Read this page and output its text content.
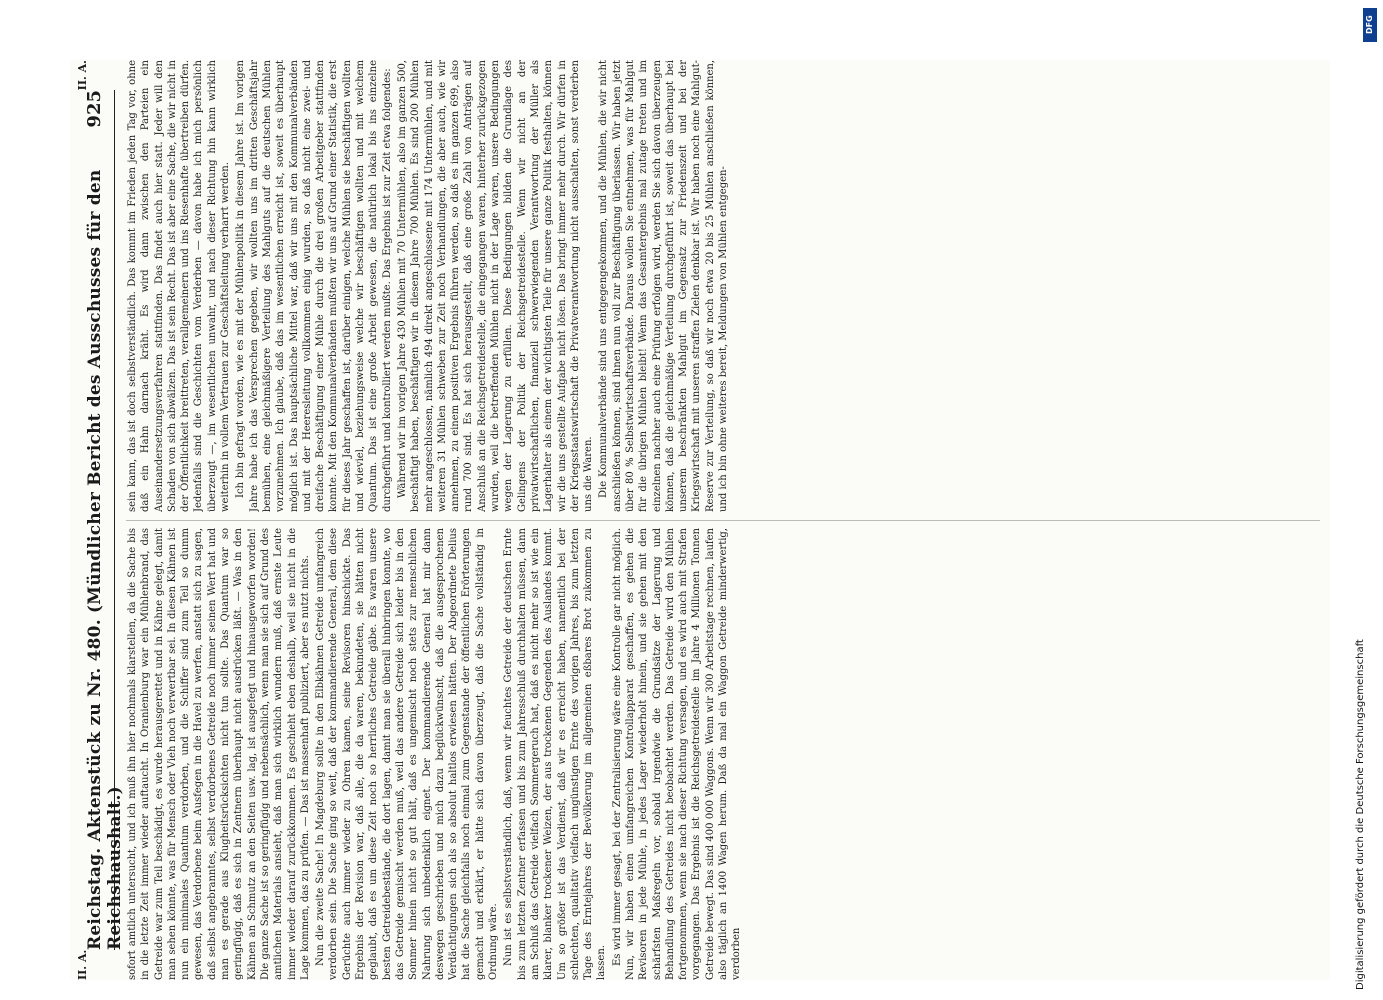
II. A.
II. A.
Reichstag. Aktenstück zu Nr. 480. (Mündlicher Bericht des Ausschusses für den Reichshaushalt.)
925

sofort amtlich untersucht, und ich muß ihn hier nochmals klarstellen, da die Sache bis in die letzte Zeit immer wieder auftaucht. In Oranienburg war ein Mühlenbrand, das Getreide war zum Teil beschädigt, es wurde herausgerettet und in Kähne gelegt, damit man sehen könnte, was für Mensch oder Vieh noch verwertbar sei. In diesen Kähnen ist nun ein minimales Quantum verdorben, und die Schiffer sind zum Teil so dumm gewesen, das Verdorbene beim Ausfegen in die Havel zu werfen, anstatt sich zu sagen, daß selbst angebranntes, selbst verdorbenes Getreide noch immer seinen Wert hat und man es gerade aus Klugheitsrücksichten nicht tun sollte. Das Quantum war so geringfügig, daß es sich in Zentnern überhaupt nicht ausdrücken läßt. — Was in den Kähnen an Schmutz an den Seiten usw. lag, ist ausgefegt und hinausgeworfen worden! Die ganze Sache ist so geringfügig und nebensächlich, wenn man sie sich auf Grund des amtlichen Materials ansieht, daß man sich wirklich wundern muß, daß ernste Leute immer wieder darauf zurückkommen. Es geschieht eben deshalb, weil sie nicht in die Lage kommen, das zu prüfen. — Das ist massenhaft publiziert, aber es nutzt nichts. Nun die zweite Sache! In Magdeburg sollte in den Elbkähnen Getreide umfangreich verdorben sein. Die Sache ging so weit, daß der kommandierende General, dem diese Gerüchte auch immer wieder zu Ohren kamen, seine Revisoren hinschickte. Das Ergebnis der Revision war, daß alle, die da waren, bekundeten, sie hätten nicht geglaubt, daß es um diese Zeit noch so herrliches Getreide gäbe. Es waren unsere besten Getreidebestände, die dort lagen, damit man sie überall hinbringen konnte, wo das Getreide gemischt werden muß, weil das andere Getreide sich leider bis in den Sommer hinein nicht so gut hält, daß es ungemischt noch stets zur menschlichen Nahrung sich unbedenklich eignet. Der kommandierende General hat mir dann deswegen geschrieben und mich dazu beglückwünscht, daß die ausgesprochenen Verdächtigungen sich als so absolut haltlos erwiesen hätten. Der Abgeordnete Delius hat die Sache gleichfalls noch einmal zum Gegenstande der öffentlichen Erörterungen gemacht und erklärt, er hätte sich davon überzeugt, daß die Sache vollständig in Ordnung wäre. Nun ist es selbstverständlich, daß, wenn wir feuchtes Getreide der deutschen Ernte bis zum letzten Zentner erfassen und bis zum Jahresschluß durchhalten müssen, dann am Schluß das Getreide vielfach Sommergeruch hat, daß es nicht mehr so ist wie ein klarer, blanker trockener Weizen, der aus trockenen Gegenden des Auslandes kommt. Um so größer ist das Verdienst, daß wir es erreicht haben, namentlich bei der schlechten, qualitativ vielfach ungünstigen Ernte des vorigen Jahres, bis zum letzten Tage des Erntejahres der Bevölkerung im allgemeinen eßbares Brot zukommen zu lassen. Es wird immer gesagt, bei der Zentralisierung wäre eine Kontrolle gar nicht möglich. Nun, wir haben einen umfangreichen Kontrollapparat geschaffen, es gehen die Revisoren in jede Mühle, in jedes Lager wiederholt hinein, und sie gehen mit den schärfsten Maßregeln vor, sobald irgendwie die Grundsätze der Lagerung und Behandlung des Getreides nicht beobachtet werden. Das Getreide wird den Mühlen fortgenommen, wenn sie nach dieser Richtung versagen, und es wird auch mit Strafen vorgegangen. Das Ergebnis ist die Reichsgetreidestelle im Jahre 4 Millionen Tonnen Getreide bewegt. Das sind 400 000 Waggons. Wenn wir 300 Arbeitstage rechnen, laufen also täglich an 1400 Wagen herum. Daß da mal ein Waggon Getreide minderwertig, verdorben

sein kann, das ist doch selbstverständlich. Das kommt im Frieden jeden Tag vor, ohne daß ein Hahn darnach kräht. Es wird dann zwischen den Parteien ein Auseinandersetzungsverfahren stattfinden. Das findet auch hier statt. Jeder will den Schaden von sich abwälzen. Das ist sein Recht. Das ist aber eine Sache, die wir nicht in der Öffentlichkeit breittreten, verallgemeinern und ins Riesenhafte übertreiben dürfen. Jedenfalls sind die Geschichten vom Verderben — davon habe ich mich persönlich überzeugt —, im wesentlichen unwahr, und nach dieser Richtung hin kann wirklich weiterhin in vollem Vertrauen zur Geschäftsleitung verharrt werden. Ich bin gefragt worden, wie es mit der Mühlenpolitik in diesem Jahre ist. Im vorigen Jahre habe ich das Versprechen gegeben, wir wollten uns im dritten Geschäftsjahr bemühen, eine gleichmäßigere Verteilung des Mahlguts auf die deutschen Mühlen vorzunehmen. Ich glaube, daß das im wesentlichen erreicht ist, soweit es überhaupt möglich ist. Das hauptsächliche Mittel war, daß wir uns mit den Kommunalverbänden und mit der Heeresleitung vollkommen einig wurden, so daß nicht eine zwei- und dreifache Beschäftigung einer Mühle durch die drei großen Arbeitgeber stattfinden konnte. Mit den Kommunalverbänden mußten wir uns auf Grund einer Statistik, die erst für dieses Jahr geschaffen ist, darüber einigen, welche Mühlen sie beschäftigen wollten und wieviel, beziehungsweise welche wir beschäftigen wollten und mit welchem Quantum. Das ist eine große Arbeit gewesen, die natürlich lokal bis ins einzelne durchgeführt und kontrolliert werden mußte. Das Ergebnis ist zur Zeit etwa folgendes: Während wir im vorigen Jahre 430 Mühlen mit 70 Untermühlen, also im ganzen 500, beschäftigt haben, beschäftigen wir in diesem Jahre 700 Mühlen. Es sind 200 Mühlen mehr angeschlossen, nämlich 494 direkt angeschlossene mit 174 Untermühlen, und mit weiteren 31 Mühlen schweben zur Zeit noch Verhandlungen, die aber auch, wie wir annehmen, zu einem positiven Ergebnis führen werden, so daß es im ganzen 699, also rund 700 sind. Es hat sich herausgestellt, daß eine große Zahl von Anträgen auf Anschluß an die Reichsgetreidestelle, die eingegangen waren, hinterher zurückgezogen wurden, weil die betreffenden Mühlen nicht in der Lage waren, unsere Bedingungen wegen der Lagerung zu erfüllen. Diese Bedingungen bilden die Grundlage des Gelingens der Politik der Reichsgetreidestelle. Wenn wir nicht an der privatwirtschaftlichen, finanziell schwerwiegenden Verantwortung der Müller als Lagerhalter als einem der wichtigsten Teile für unsere ganze Politik festhalten, können wir die uns gestellte Aufgabe nicht lösen. Das bringt immer mehr durch. Wir dürfen in der Kriegsstaatswirtschaft die Privatverantwortung nicht ausschalten, sonst verderben uns die Waren. Die Kommunalverbände sind uns entgegengekommen, und die Mühlen, die wir nicht anschließen können, sind ihnen nun voll zur Beschäftigung überlassen. Wir haben jetzt über 80 % Selbstwirtschaftsverbände. Daraus wollen Sie entnehmen, was für Mahlgut für die übrigen Mühlen bleibt! Wenn das Gesamtergebnis mal zutage treten und im einzelnen nachher auch eine Prüfung erfolgen wird, werden Sie sich davon überzeugen können, daß die gleichmäßige Verteilung durchgeführt ist, soweit das überhaupt bei unserem beschränkten Mahlgut im Gegensatz zur Friedenszeit und bei der Kriegswirtschaft mit unseren straffen Zielen denkbar ist. Wir haben noch eine Mahlgut-Reserve zur Verteilung, so daß wir noch etwa 20 bis 25 Mühlen anschließen können, und ich bin ohne weiteres bereit, Meldungen von Mühlen entgegen-

Digitalisierung gefördert durch die Deutsche Forschungsgemeinschaft
DFG
